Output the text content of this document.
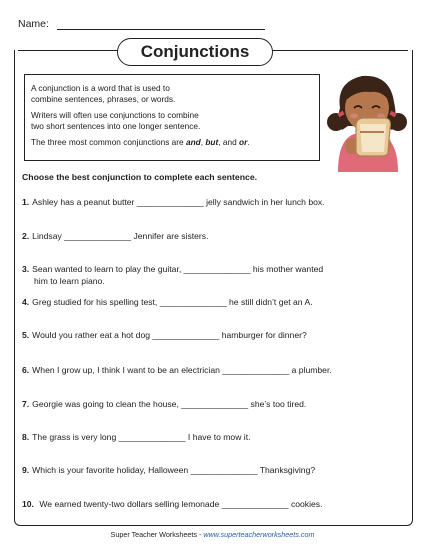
Name:
Conjunctions

A conjunction is a word that is used to
combine sentences, phrases, or words.

Writers will often use conjunctions to combine
two short sentences into one longer sentence.

The three most common conjunctions are and, but, and or.

Choose the best conjunction to complete each sentence.
1. Ashley has a peanut butter ______________ jelly sandwich in her lunch box.
2. Lindsay ______________ Jennifer are sisters.
3. Sean wanted to learn to play the guitar, ______________ his mother wanted
him to learn piano.
4. Greg studied for his spelling test, ______________ he still didn’t get an A.
5. Would you rather eat a hot dog ______________ hamburger for dinner?
6. When I grow up, I think I want to be an electrician ______________ a plumber.
7. Georgie was going to clean the house, ______________ she’s too tired.
8. The grass is very long ______________ I have to mow it.
9. Which is your favorite holiday, Halloween ______________ Thanksgiving?
10. We earned twenty-two dollars selling lemonade ______________ cookies.
Super Teacher Worksheets - www.superteacherworksheets.com
